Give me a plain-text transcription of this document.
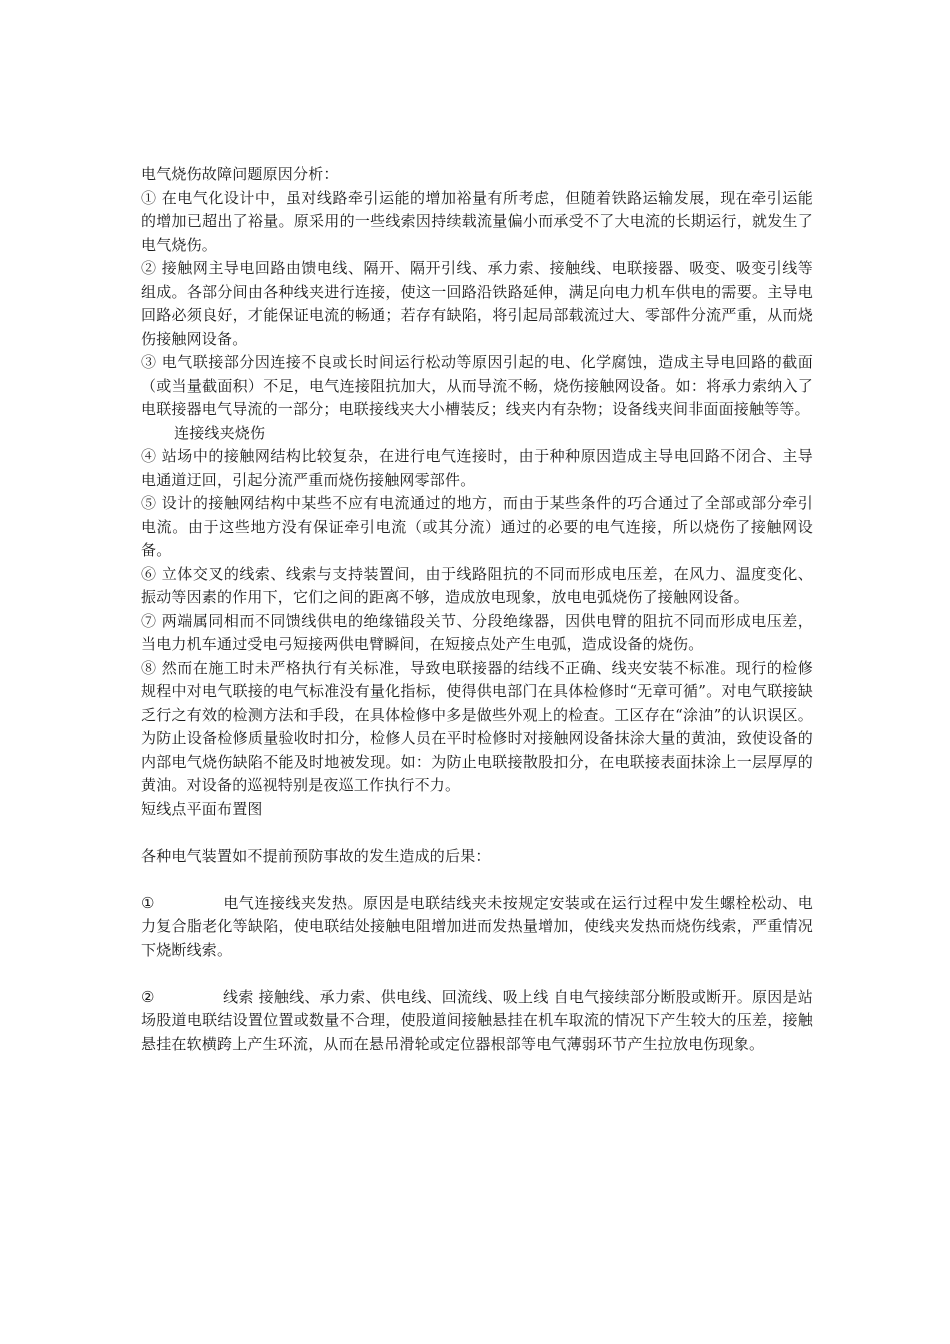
电气烧伤故障问题原因分析：

① 在电气化设计中，虽对线路牵引运能的增加裕量有所考虑，但随着铁路运输发展，现在牵引运能的增加已超出了裕量。原采用的一些线索因持续载流量偏小而承受不了大电流的长期运行，就发生了电气烧伤。

② 接触网主导电回路由馈电线、隔开、隔开引线、承力索、接触线、电联接器、吸变、吸变引线等组成。各部分间由各种线夹进行连接，使这一回路沿铁路延伸，满足向电力机车供电的需要。主导电回路必须良好，才能保证电流的畅通；若存有缺陷，将引起局部载流过大、零部件分流严重，从而烧伤接触网设备。

③ 电气联接部分因连接不良或长时间运行松动等原因引起的电、化学腐蚀，造成主导电回路的截面（或当量截面积）不足，电气连接阻抗加大，从而导流不畅，烧伤接触网设备。如：将承力索纳入了电联接器电气导流的一部分；电联接线夹大小槽装反；线夹内有杂物；设备线夹间非面面接触等等。

连接线夹烧伤

④ 站场中的接触网结构比较复杂，在进行电气连接时，由于种种原因造成主导电回路不闭合、主导电通道迂回，引起分流严重而烧伤接触网零部件。

⑤ 设计的接触网结构中某些不应有电流通过的地方，而由于某些条件的巧合通过了全部或部分牵引电流。由于这些地方没有保证牵引电流（或其分流）通过的必要的电气连接，所以烧伤了接触网设备。

⑥ 立体交叉的线索、线索与支持装置间，由于线路阻抗的不同而形成电压差，在风力、温度变化、振动等因素的作用下，它们之间的距离不够，造成放电现象，放电电弧烧伤了接触网设备。

⑦ 两端属同相而不同馈线供电的绝缘锚段关节、分段绝缘器，因供电臂的阻抗不同而形成电压差，当电力机车通过受电弓短接两供电臂瞬间，在短接点处产生电弧，造成设备的烧伤。

⑧ 然而在施工时未严格执行有关标准，导致电联接器的结线不正确、线夹安装不标准。现行的检修规程中对电气联接的电气标准没有量化指标，使得供电部门在具体检修时“无章可循”。对电气联接缺乏行之有效的检测方法和手段，在具体检修中多是做些外观上的检查。工区存在“涂油”的认识误区。为防止设备检修质量验收时扣分，检修人员在平时检修时对接触网设备抹涂大量的黄油，致使设备的内部电气烧伤缺陷不能及时地被发现。如：为防止电联接散股扣分，在电联接表面抹涂上一层厚厚的黄油。对设备的巡视特别是夜巡工作执行不力。

短线点平面布置图

各种电气装置如不提前预防事故的发生造成的后果：

①	电气连接线夹发热。原因是电联结线夹未按规定安装或在运行过程中发生螺栓松动、电力复合脂老化等缺陷，使电联结处接触电阻增加进而发热量增加，使线夹发热而烧伤线索，严重情况下烧断线索。

②	线索 接触线、承力索、供电线、回流线、吸上线 自电气接续部分断股或断开。原因是站场股道电联结设置位置或数量不合理，使股道间接触悬挂在机车取流的情况下产生较大的压差，接触悬挂在软横跨上产生环流，从而在悬吊滑轮或定位器根部等电气薄弱环节产生拉放电伤现象。
